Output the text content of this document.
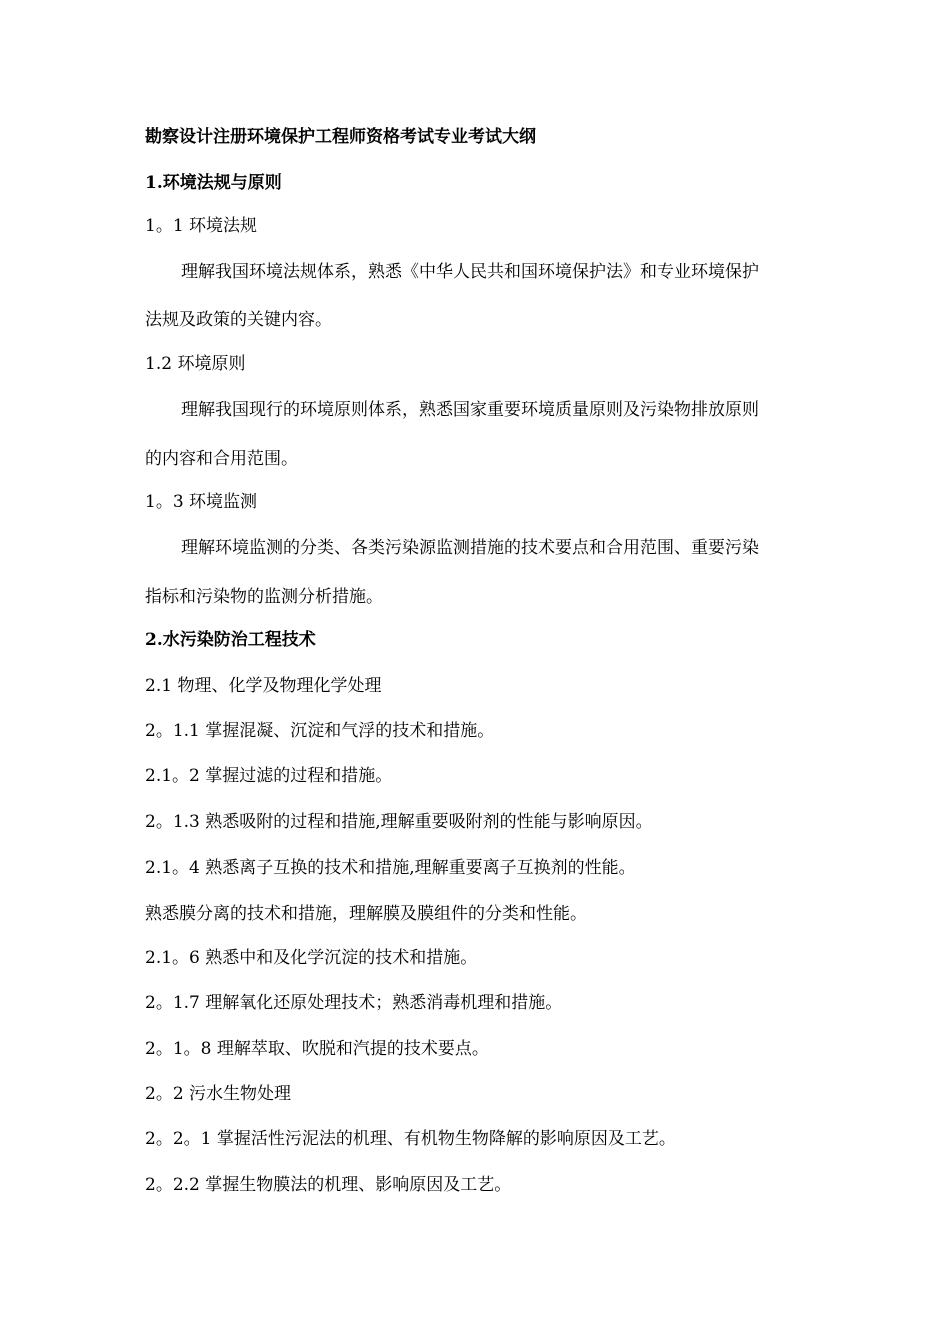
勘察设计注册环境保护工程师资格考试专业考试大纲
1.环境法规与原则
1。1 环境法规
理解我国环境法规体系，熟悉《中华人民共和国环境保护法》和专业环境保护
法规及政策的关键内容。
1.2 环境原则
理解我国现行的环境原则体系，熟悉国家重要环境质量原则及污染物排放原则
的内容和合用范围。
1。3 环境监测
理解环境监测的分类、各类污染源监测措施的技术要点和合用范围、重要污染
指标和污染物的监测分析措施。
2.水污染防治工程技术
2.1 物理、化学及物理化学处理
2。1.1 掌握混凝、沉淀和气浮的技术和措施。
2.1。2 掌握过滤的过程和措施。
2。1.3 熟悉吸附的过程和措施,理解重要吸附剂的性能与影响原因。
2.1。4 熟悉离子互换的技术和措施,理解重要离子互换剂的性能。
熟悉膜分离的技术和措施，理解膜及膜组件的分类和性能。
2.1。6 熟悉中和及化学沉淀的技术和措施。
2。1.7 理解氧化还原处理技术；熟悉消毒机理和措施。
2。1。8 理解萃取、吹脱和汽提的技术要点。
2。2 污水生物处理
2。2。1 掌握活性污泥法的机理、有机物生物降解的影响原因及工艺。
2。2.2 掌握生物膜法的机理、影响原因及工艺。
